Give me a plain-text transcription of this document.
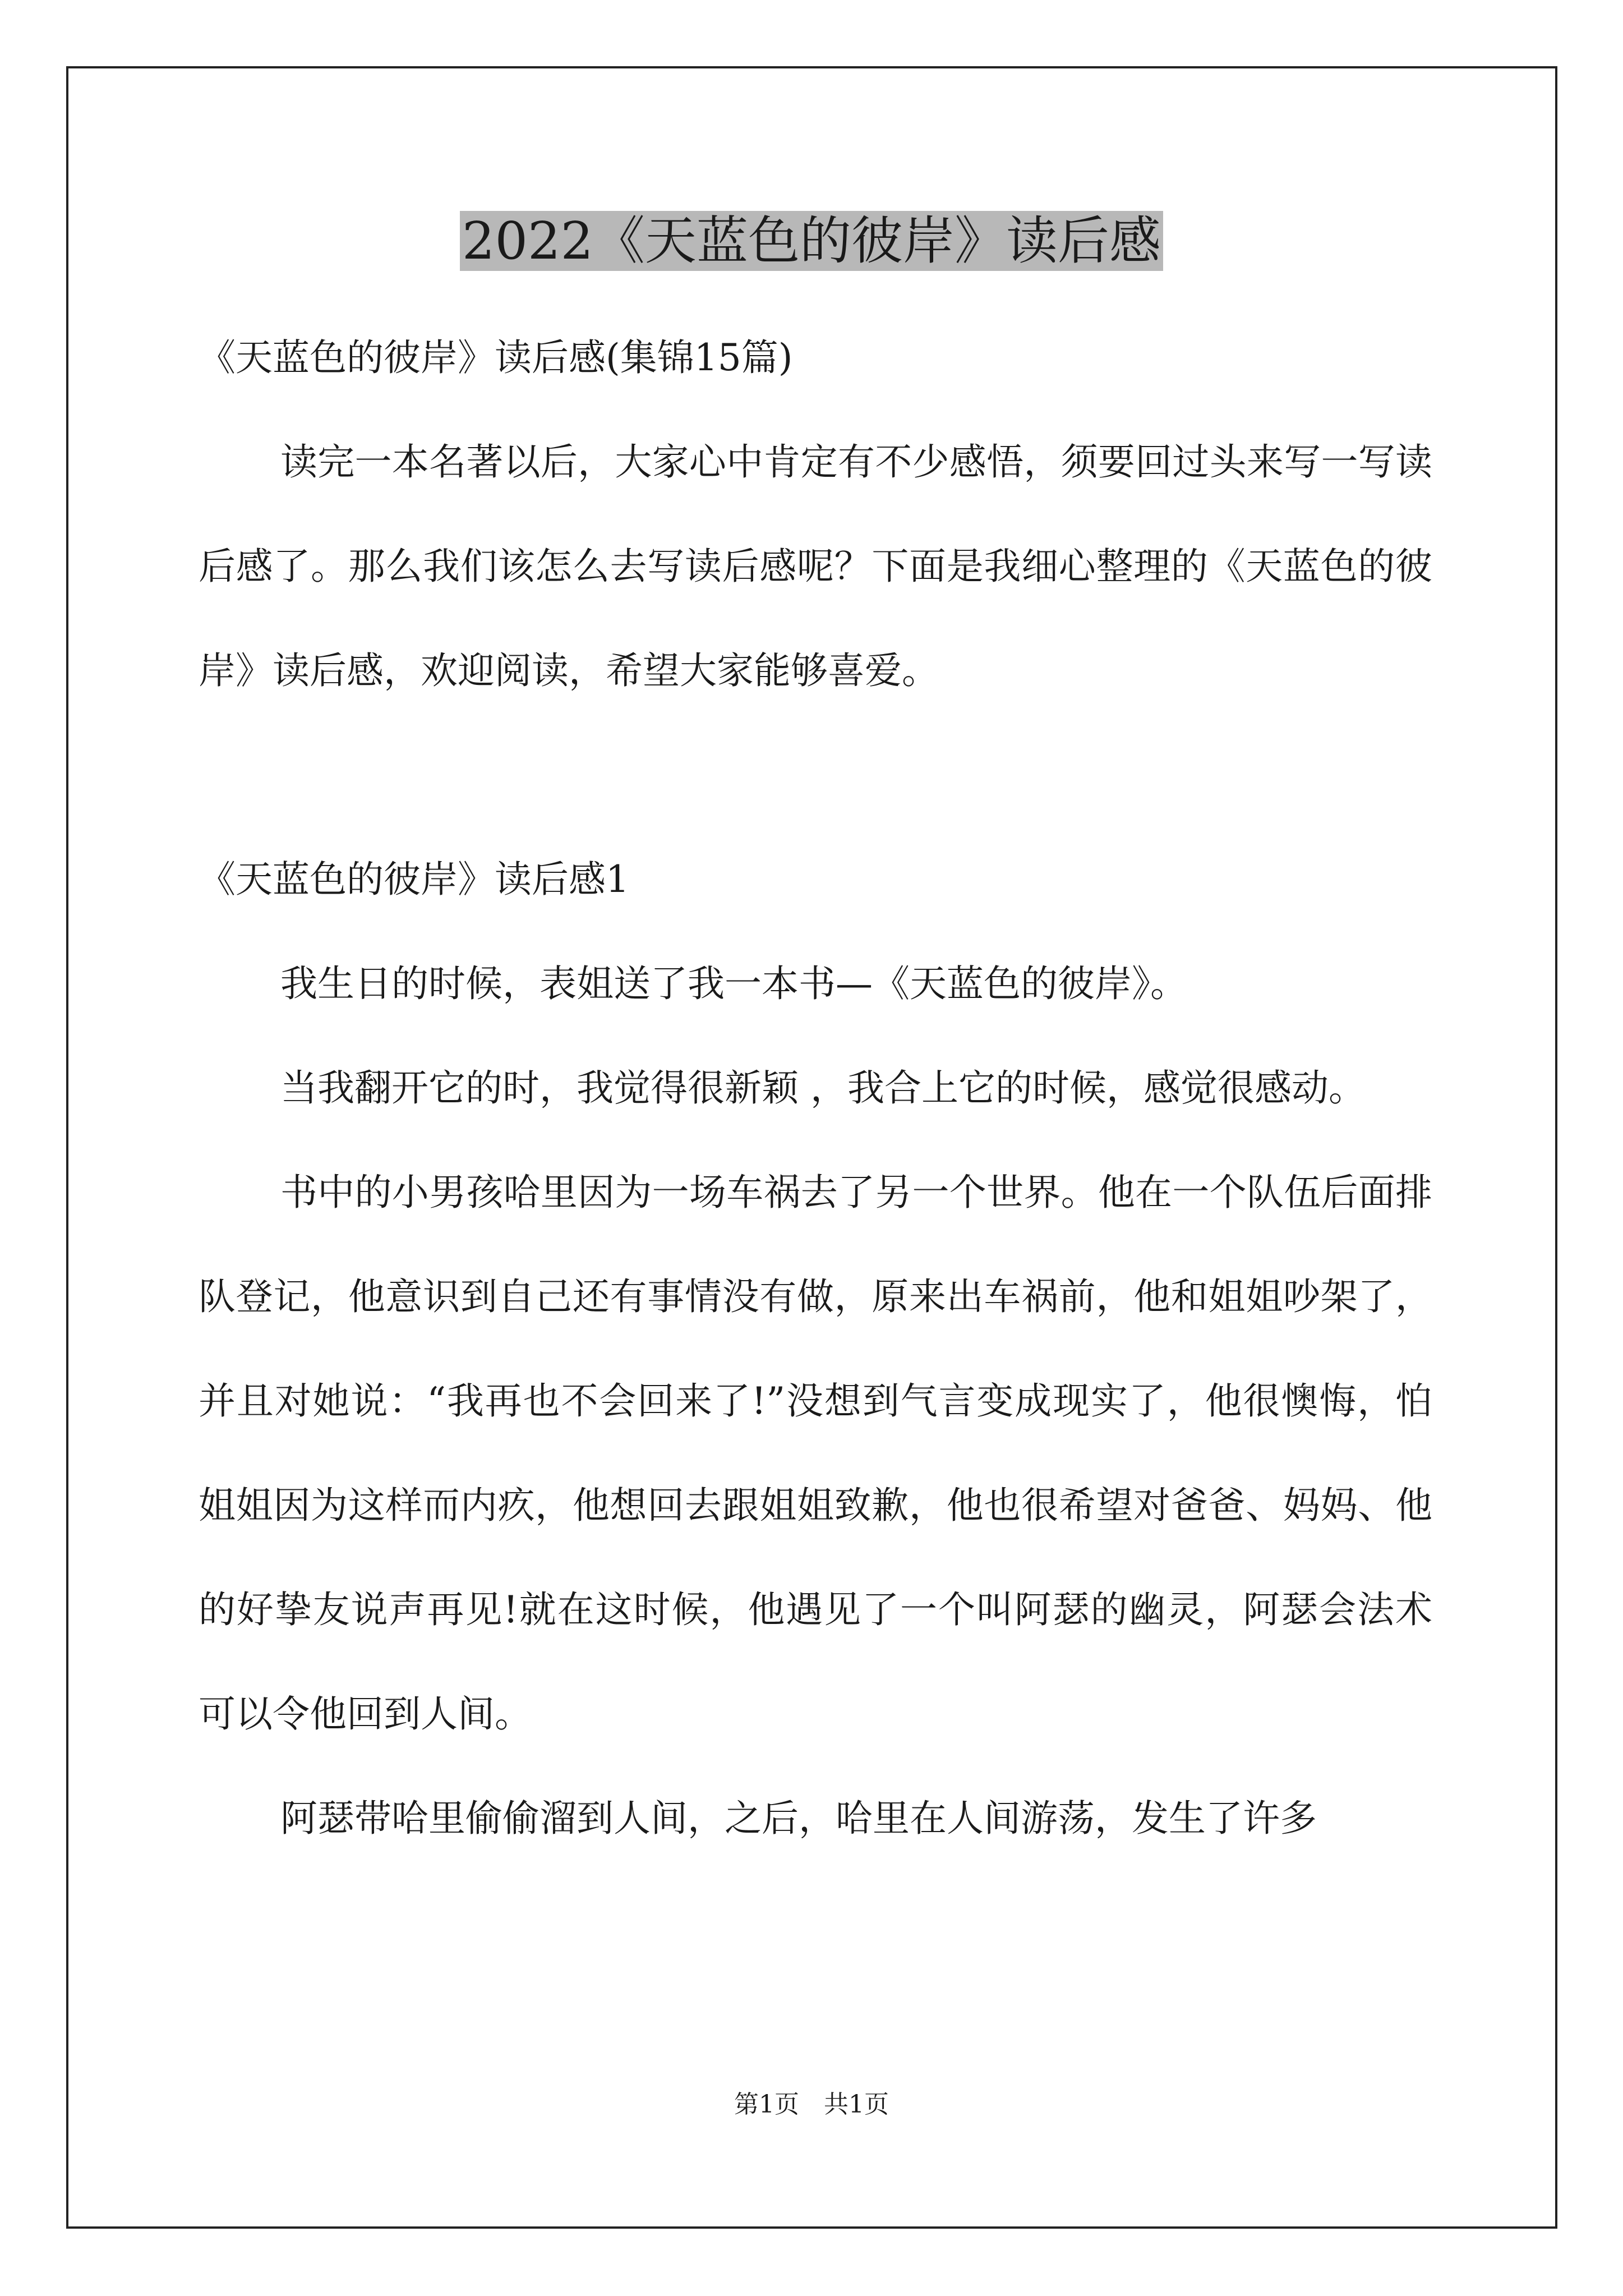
2022《天蓝色的彼岸》读后感

《天蓝色的彼岸》读后感(集锦15篇)

读完一本名著以后，大家心中肯定有不少感悟，须要回过头来写一写读后感了。那么我们该怎么去写读后感呢？下面是我细心整理的《天蓝色的彼岸》读后感，欢迎阅读，希望大家能够喜爱。

《天蓝色的彼岸》读后感1

我生日的时候，表姐送了我一本书—《天蓝色的彼岸》。

当我翻开它的时，我觉得很新颖 ，我合上它的时候，感觉很感动。

书中的小男孩哈里因为一场车祸去了另一个世界。他在一个队伍后面排队登记，他意识到自己还有事情没有做，原来出车祸前，他和姐姐吵架了，并且对她说：“我再也不会回来了!”没想到气言变成现实了，他很懊悔，怕姐姐因为这样而内疚，他想回去跟姐姐致歉，他也很希望对爸爸、妈妈、他的好挚友说声再见!就在这时候，他遇见了一个叫阿瑟的幽灵，阿瑟会法术可以令他回到人间。

阿瑟带哈里偷偷溜到人间，之后，哈里在人间游荡，发生了许多

第1页　共1页
